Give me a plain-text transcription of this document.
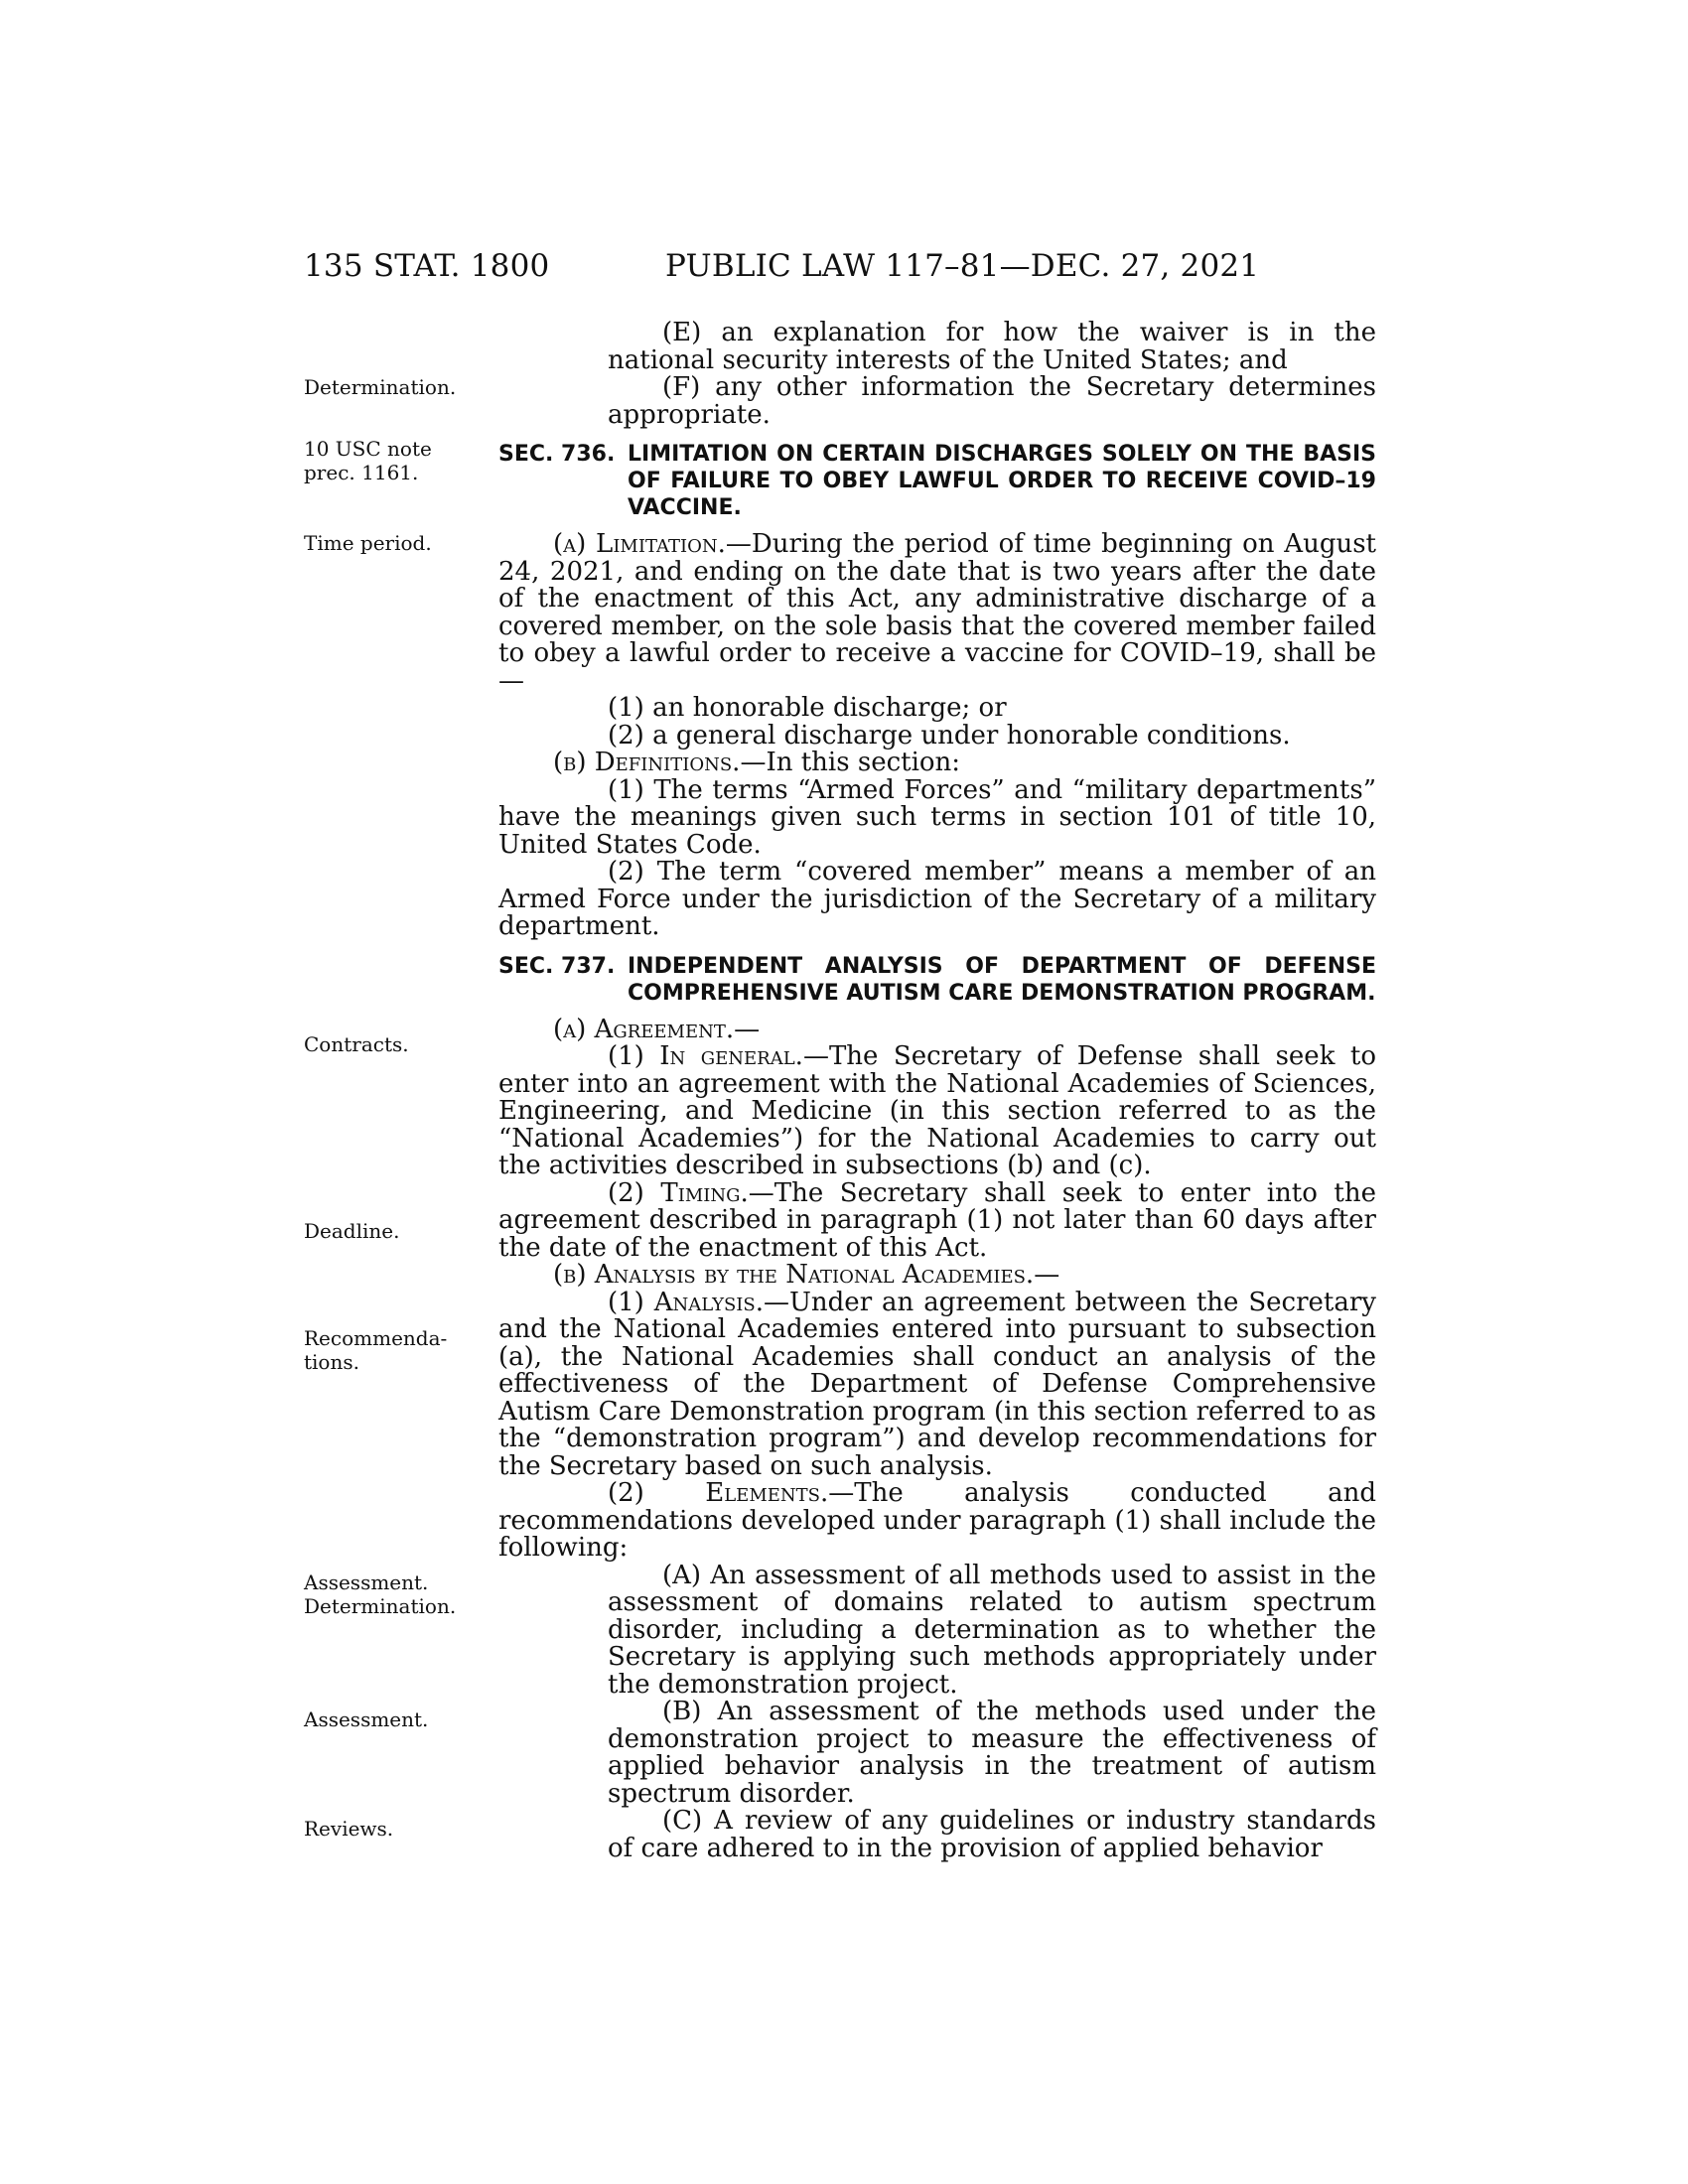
135 STAT. 1800	PUBLIC LAW 117–81—DEC. 27, 2021
Determination.
10 USC note
prec. 1161.
Time period.
Contracts.
Deadline.
Recommenda-
tions.
Assessment.
Determination.
Assessment.
Reviews.

(E) an explanation for how the waiver is in the national security interests of the United States; and

(F) any other information the Secretary determines appropriate.

SEC. 736. LIMITATION ON CERTAIN DISCHARGES SOLELY ON THE BASIS OF FAILURE TO OBEY LAWFUL ORDER TO RECEIVE COVID–19 VACCINE.

(a) Limitation.—During the period of time beginning on August 24, 2021, and ending on the date that is two years after the date of the enactment of this Act, any administrative discharge of a covered member, on the sole basis that the covered member failed to obey a lawful order to receive a vaccine for COVID–19, shall be—

(1) an honorable discharge; or

(2) a general discharge under honorable conditions.

(b) Definitions.—In this section:

(1) The terms “Armed Forces” and “military departments” have the meanings given such terms in section 101 of title 10, United States Code.

(2) The term “covered member” means a member of an Armed Force under the jurisdiction of the Secretary of a military department.

SEC. 737. INDEPENDENT ANALYSIS OF DEPARTMENT OF DEFENSE COMPREHENSIVE AUTISM CARE DEMONSTRATION PROGRAM.

(a) Agreement.—

(1) In general.—The Secretary of Defense shall seek to enter into an agreement with the National Academies of Sciences, Engineering, and Medicine (in this section referred to as the “National Academies”) for the National Academies to carry out the activities described in subsections (b) and (c).

(2) Timing.—The Secretary shall seek to enter into the agreement described in paragraph (1) not later than 60 days after the date of the enactment of this Act.

(b) Analysis by the National Academies.—

(1) Analysis.—Under an agreement between the Secretary and the National Academies entered into pursuant to subsection (a), the National Academies shall conduct an analysis of the effectiveness of the Department of Defense Comprehensive Autism Care Demonstration program (in this section referred to as the “demonstration program”) and develop recommendations for the Secretary based on such analysis.

(2) Elements.—The analysis conducted and recommendations developed under paragraph (1) shall include the following:

(A) An assessment of all methods used to assist in the assessment of domains related to autism spectrum disorder, including a determination as to whether the Secretary is applying such methods appropriately under the demonstration project.

(B) An assessment of the methods used under the demonstration project to measure the effectiveness of applied behavior analysis in the treatment of autism spectrum disorder.

(C) A review of any guidelines or industry standards of care adhered to in the provision of applied behavior
